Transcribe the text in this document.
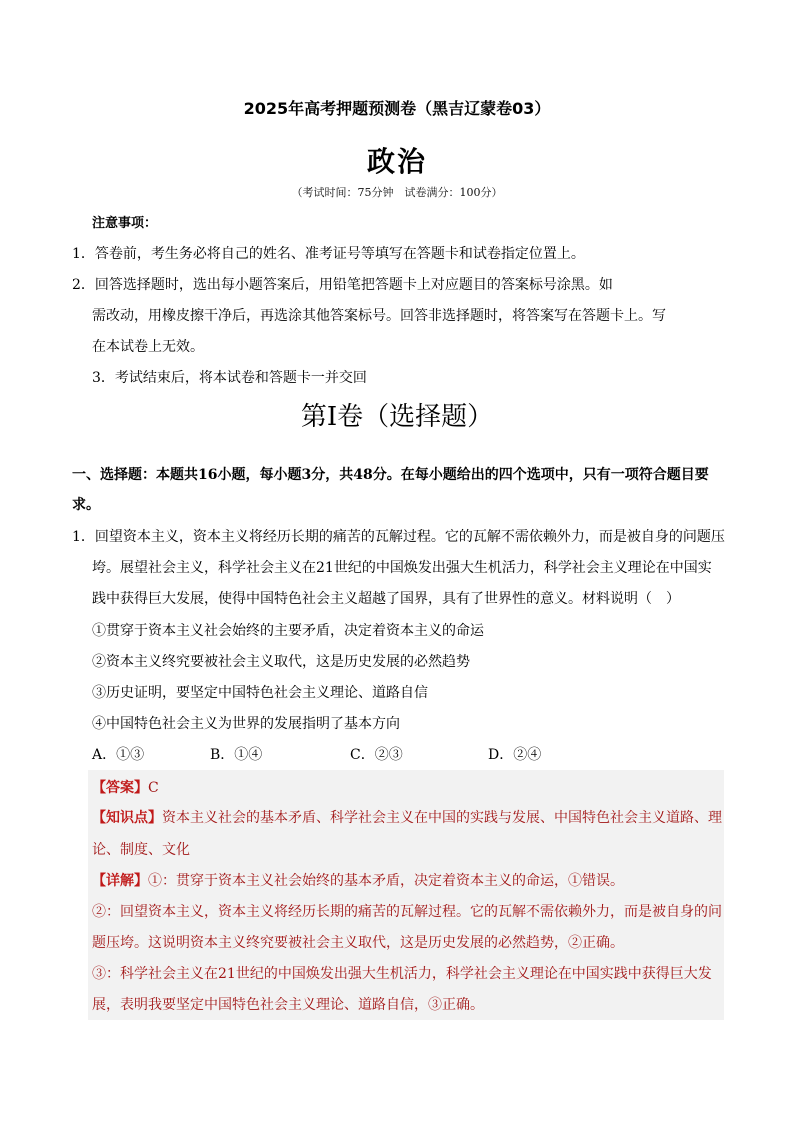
2025年高考押题预测卷（黑吉辽蒙卷03）
政治
（考试时间：75分钟　试卷满分：100分）
注意事项：
1．答卷前，考生务必将自己的姓名、准考证号等填写在答题卡和试卷指定位置上。
2．回答选择题时，选出每小题答案后，用铅笔把答题卡上对应题目的答案标号涂黑。如
需改动，用橡皮擦干净后，再选涂其他答案标号。回答非选择题时，将答案写在答题卡上。写
在本试卷上无效。
3．考试结束后，将本试卷和答题卡一并交回
第I卷（选择题）
一、选择题：本题共16小题，每小题3分，共48分。在每小题给出的四个选项中，只有一项符合题目要
求。
1．回望资本主义，资本主义将经历长期的痛苦的瓦解过程。它的瓦解不需依赖外力，而是被自身的问题压
垮。展望社会主义，科学社会主义在21世纪的中国焕发出强大生机活力，科学社会主义理论在中国实
践中获得巨大发展，使得中国特色社会主义超越了国界，具有了世界性的意义。材料说明（　）
①贯穿于资本主义社会始终的主要矛盾，决定着资本主义的命运
②资本主义终究要被社会主义取代，这是历史发展的必然趋势
③历史证明，要坚定中国特色社会主义理论、道路自信
④中国特色社会主义为世界的发展指明了基本方向
A．①③	B．①④	C．②③	D．②④
【答案】C
【知识点】资本主义社会的基本矛盾、科学社会主义在中国的实践与发展、中国特色社会主义道路、理
论、制度、文化
【详解】①：贯穿于资本主义社会始终的基本矛盾，决定着资本主义的命运，①错误。
②：回望资本主义，资本主义将经历长期的痛苦的瓦解过程。它的瓦解不需依赖外力，而是被自身的问
题压垮。这说明资本主义终究要被社会主义取代，这是历史发展的必然趋势，②正确。
③：科学社会主义在21世纪的中国焕发出强大生机活力，科学社会主义理论在中国实践中获得巨大发
展，表明我要坚定中国特色社会主义理论、道路自信，③正确。
